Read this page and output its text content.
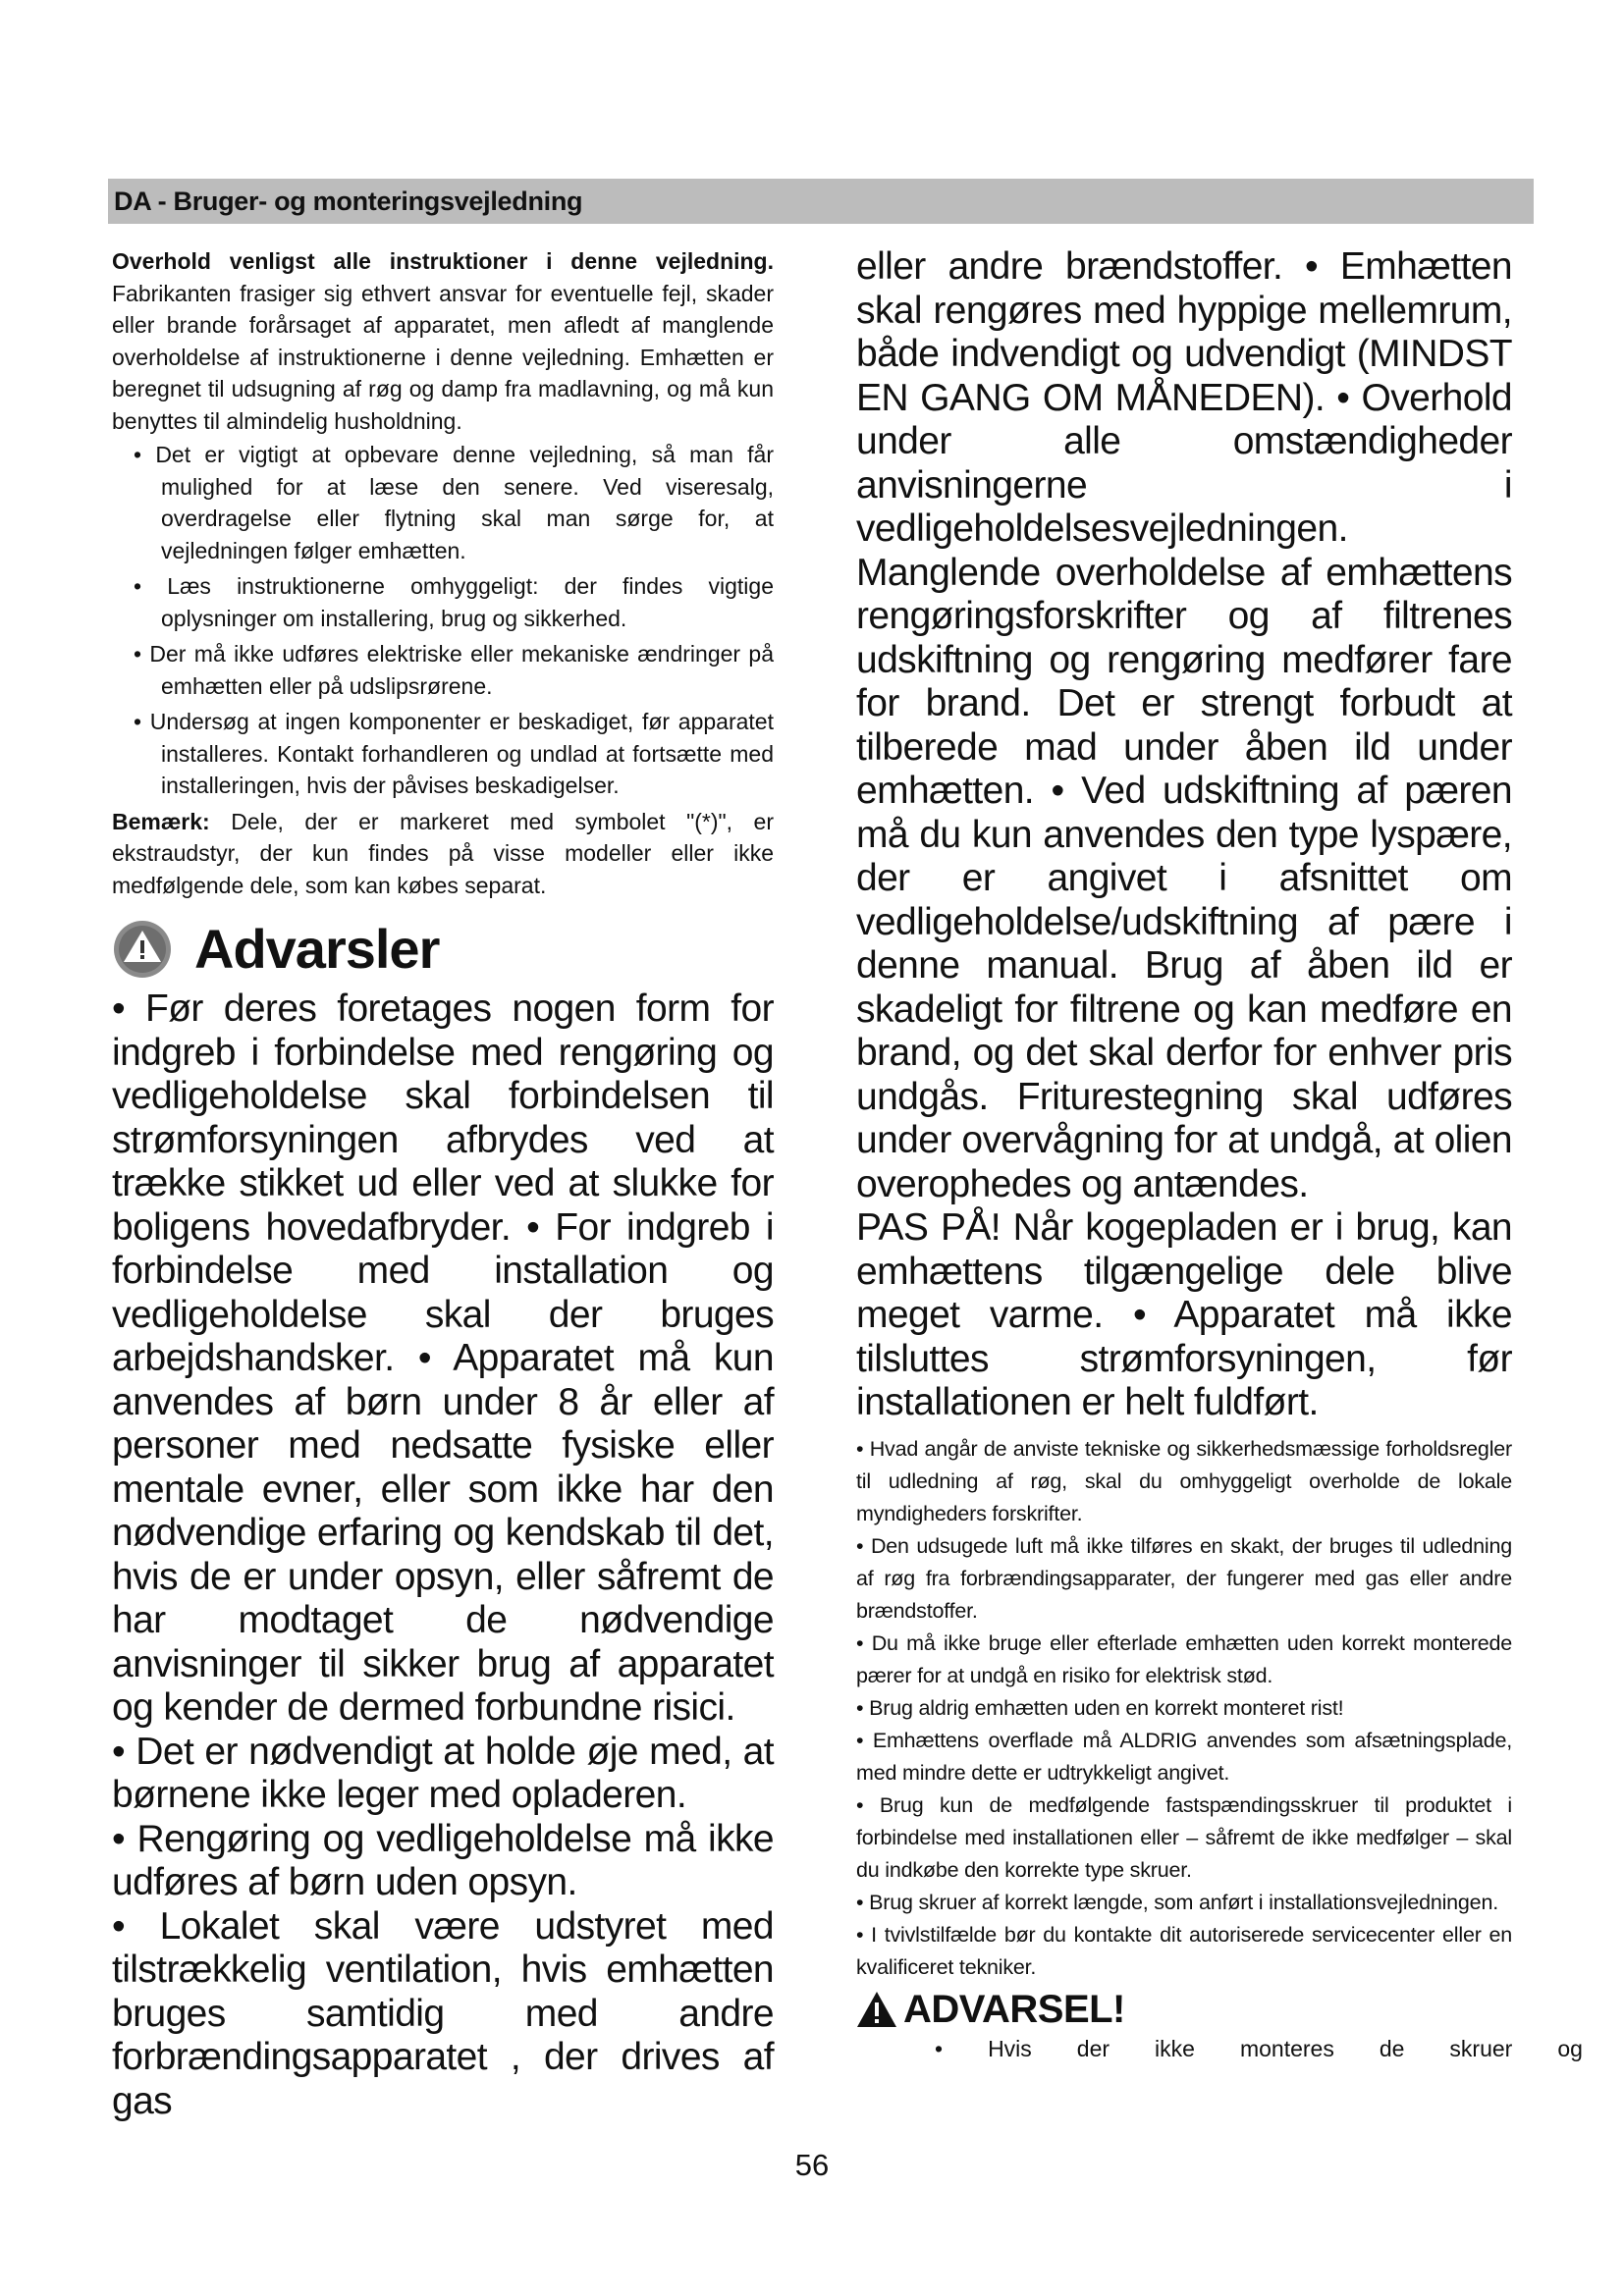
DA - Bruger- og monteringsvejledning

Overhold venligst alle instruktioner i denne vejledning. Fabrikanten frasiger sig ethvert ansvar for eventuelle fejl, skader eller brande forårsaget af apparatet, men afledt af manglende overholdelse af instruktionerne i denne vejledning. Emhætten er beregnet til udsugning af røg og damp fra madlavning, og må kun benyttes til almindelig husholdning.

• Det er vigtigt at opbevare denne vejledning, så man får mulighed for at læse den senere. Ved viseresalg, overdragelse eller flytning skal man sørge for, at vejledningen følger emhætten.
• Læs instruktionerne omhyggeligt: der findes vigtige oplysninger om installering, brug og sikkerhed.
• Der må ikke udføres elektriske eller mekaniske ændringer på emhætten eller på udslipsrørene.
• Undersøg at ingen komponenter er beskadiget, før apparatet installeres. Kontakt forhandleren og undlad at fortsætte med installeringen, hvis der påvises beskadigelser.

Bemærk: Dele, der er markeret med symbolet "(*)", er ekstraudstyr, der kun findes på visse modeller eller ikke medfølgende dele, som kan købes separat.

Advarsler

• Før deres foretages nogen form for indgreb i forbindelse med rengøring og vedligeholdelse skal forbindelsen til strømforsyningen afbrydes ved at trække stikket ud eller ved at slukke for boligens hovedafbryder. • For indgreb i forbindelse med installation og vedligeholdelse skal der bruges arbejdshandsker. • Apparatet må kun anvendes af børn under 8 år eller af personer med nedsatte fysiske eller mentale evner, eller som ikke har den nødvendige erfaring og kendskab til det, hvis de er under opsyn, eller såfremt de har modtaget de nødvendige anvisninger til sikker brug af apparatet og kender de dermed forbundne risici.

• Det er nødvendigt at holde øje med, at børnene ikke leger med opladeren.

• Rengøring og vedligeholdelse må ikke udføres af børn uden opsyn.

• Lokalet skal være udstyret med tilstrækkelig ventilation, hvis emhætten bruges samtidig med andre forbrændingsapparatet , der drives af gas

eller andre brændstoffer. • Emhætten skal rengøres med hyppige mellemrum, både indvendigt og udvendigt (MINDST EN GANG OM MÅNEDEN). • Overhold under alle omstændigheder anvisningerne i vedligeholdelsesvejledningen.

Manglende overholdelse af emhættens rengøringsforskrifter og af filtrenes udskiftning og rengøring medfører fare for brand. Det er strengt forbudt at tilberede mad under åben ild under emhætten. • Ved udskiftning af pæren må du kun anvendes den type lyspære, der er angivet i afsnittet om vedligeholdelse/udskiftning af pære i denne manual. Brug af åben ild er skadeligt for filtrene og kan medføre en brand, og det skal derfor for enhver pris undgås. Friturestegning skal udføres under overvågning for at undgå, at olien overophedes og antændes.

PAS PÅ! Når kogepladen er i brug, kan emhættens tilgængelige dele blive meget varme. • Apparatet må ikke tilsluttes strømforsyningen, før installationen er helt fuldført.

• Hvad angår de anviste tekniske og sikkerhedsmæssige forholdsregler til udledning af røg, skal du omhyggeligt overholde de lokale myndigheders forskrifter.

• Den udsugede luft må ikke tilføres en skakt, der bruges til udledning af røg fra forbrændingsapparater, der fungerer med gas eller andre brændstoffer.

• Du må ikke bruge eller efterlade emhætten uden korrekt monterede pærer for at undgå en risiko for elektrisk stød.

• Brug aldrig emhætten uden en korrekt monteret rist!

• Emhættens overflade må ALDRIG anvendes som afsætningsplade, med mindre dette er udtrykkeligt angivet.

• Brug kun de medfølgende fastspændingsskruer til produktet i forbindelse med installationen eller – såfremt de ikke medfølger – skal du indkøbe den korrekte type skruer.

• Brug skruer af korrekt længde, som anført i installationsvejledningen.

• I tvivlstilfælde bør du kontakte dit autoriserede servicecenter eller en kvalificeret tekniker.

ADVARSEL!
• Hvis der ikke monteres de skruer og
56
